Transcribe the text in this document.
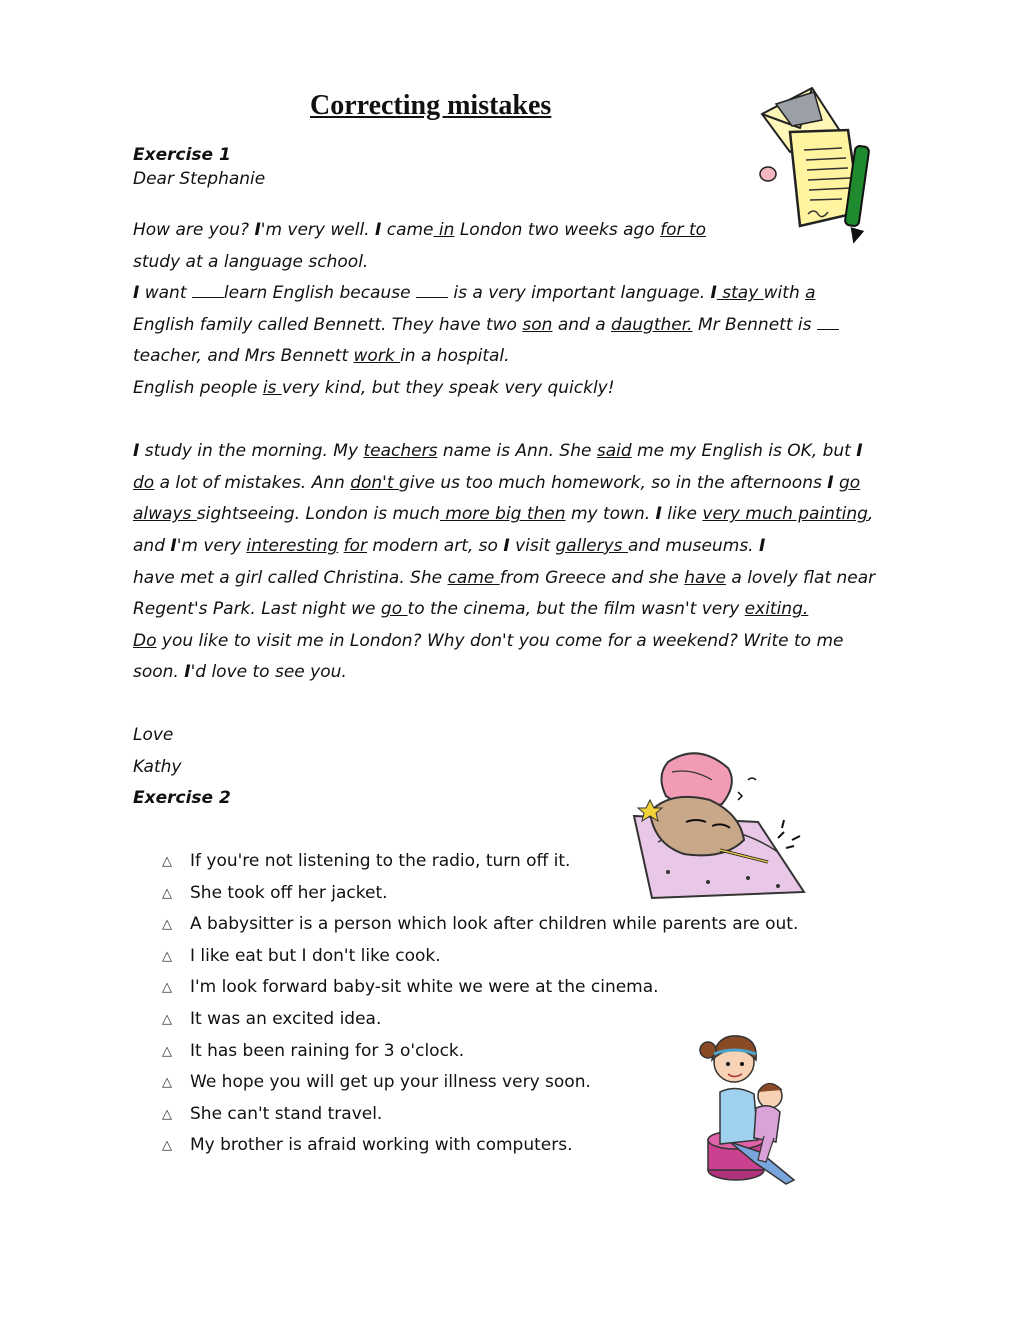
Correcting mistakes
Exercise 1

Dear Stephanie

How are you? I'm very well. I came in London two weeks ago for to
study at a language school.

I want learn English because  is a very important language. I stay with a
English family called Bennett. They have two son and a daugther. Mr Bennett is
teacher, and Mrs Bennett work in a hospital.

English people is very kind, but they speak very quickly!

I study in the morning. My teachers name is Ann. She said me my English is OK, but I
do a lot of mistakes. Ann don't give us too much homework, so in the afternoons I go always sightseeing. London is much more big then my town. I like very much painting, and I'm very interesting for modern art, so I visit gallerys and museums. I
have met a girl called Christina. She came from Greece and she have a lovely flat near Regent's Park. Last night we go to the cinema, but the film wasn't very exiting.
Do you like to visit me in London? Why don't you come for a weekend? Write to me soon. I'd love to see you.

Love
Kathy
Exercise 2
△ If you're not listening to the radio, turn off it.
△ She took off her jacket.
△ A babysitter is a person which look after children while parents are out.
△ I like eat but I don't like cook.
△ I'm look forward baby-sit white we were at the cinema.
△ It was an excited idea.
△ It has been raining for 3 o'clock.
△ We hope you will get up your illness very soon.
△ She can't stand travel.
△ My brother is afraid working with computers.
